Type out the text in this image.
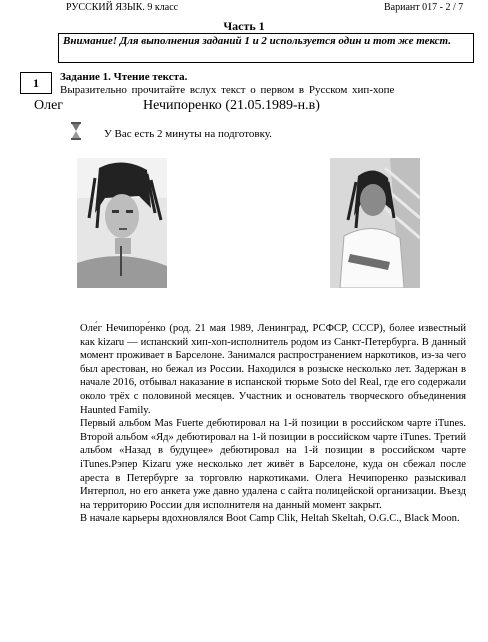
РУССКИЙ ЯЗЫК. 9 класс	Вариант 017 - 2 / 7
Часть 1
Внимание! Для выполнения заданий 1 и 2 используется один и тот же текст.
1	Задание 1. Чтение текста.
Выразительно прочитайте вслух текст о первом в Русском хип-хопе
Олег	Нечипоренко (21.05.1989-н.в)
У Вас есть 2 минуты на подготовку.

Оле́г Нечипоре́нко (род. 21 мая 1989, Ленинград, РСФСР, СССР), более известный как kizaru — испанский хип-хоп-исполнитель родом из Санкт-Петербурга. В данный момент проживает в Барселоне. Занимался распространением наркотиков, из-за чего был арестован, но бежал из России. Находился в розыске несколько лет. Задержан в начале 2016, отбывал наказание в испанской тюрьме Soto del Real, где его содержали около трёх с половиной месяцев. Участник и основатель творческого объединения Haunted Family.

Первый альбом Mas Fuerte дебютировал на 1-й позиции в российском чарте iTunes. Второй альбом «Яд» дебютировал на 1-й позиции в российском чарте iTunes. Третий альбом «Назад в будущее» дебютировал на 1-й позиции в российском чарте iTunes.Рэпер Kizaru уже несколько лет живёт в Барселоне, куда он сбежал после ареста в Петербурге за торговлю наркотиками. Олега Нечипоренко разыскивал Интерпол, но его анкета уже давно удалена с сайта полицейской организации. Въезд на территорию России для исполнителя на данный момент закрыт.

В начале карьеры вдохновлялся Boot Camp Clik, Heltah Skeltah, O.G.C., Black Moon.
